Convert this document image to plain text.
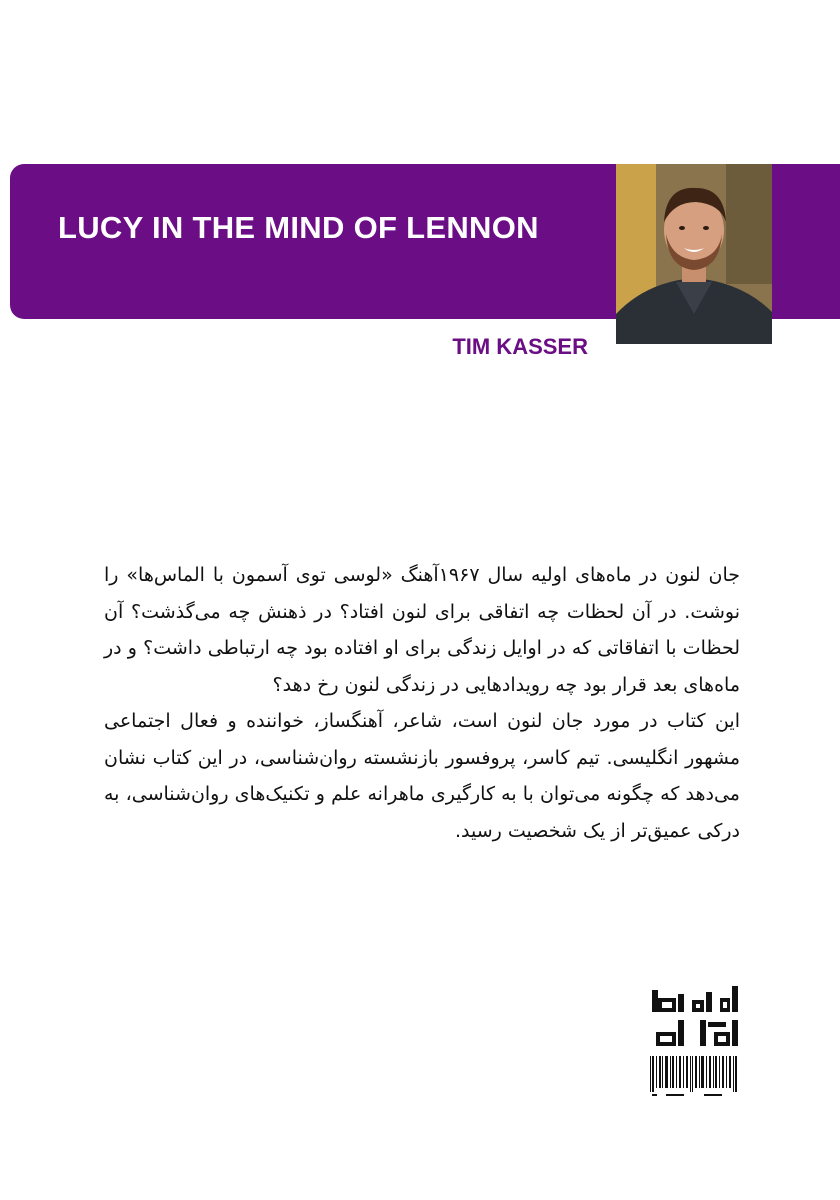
LUCY IN THE MIND OF LENNON
TIM KASSER

جان لنون در ماه‌های اولیه سال ۱۹۶۷آهنگ «لوسی توی آسمون با الماس‌ها» را نوشت. در آن لحظات چه اتفاقی برای لنون افتاد؟ در ذهنش چه می‌گذشت؟ آن لحظات با اتفاقاتی که در اوایل زندگی برای او افتاده بود چه ارتباطی داشت؟ و در ماه‌های بعد قرار بود چه رویدادهایی در زندگی لنون رخ دهد؟

این کتاب در مورد جان لنون است، شاعر، آهنگساز، خواننده و فعال اجتماعی مشهور انگلیسی. تیم کاسر، پروفسور بازنشسته روان‌شناسی، در این کتاب نشان می‌دهد که چگونه می‌توان با به کارگیری ماهرانه علم و تکنیک‌های روان‌شناسی، به درکی عمیق‌تر از یک شخصیت رسید.
